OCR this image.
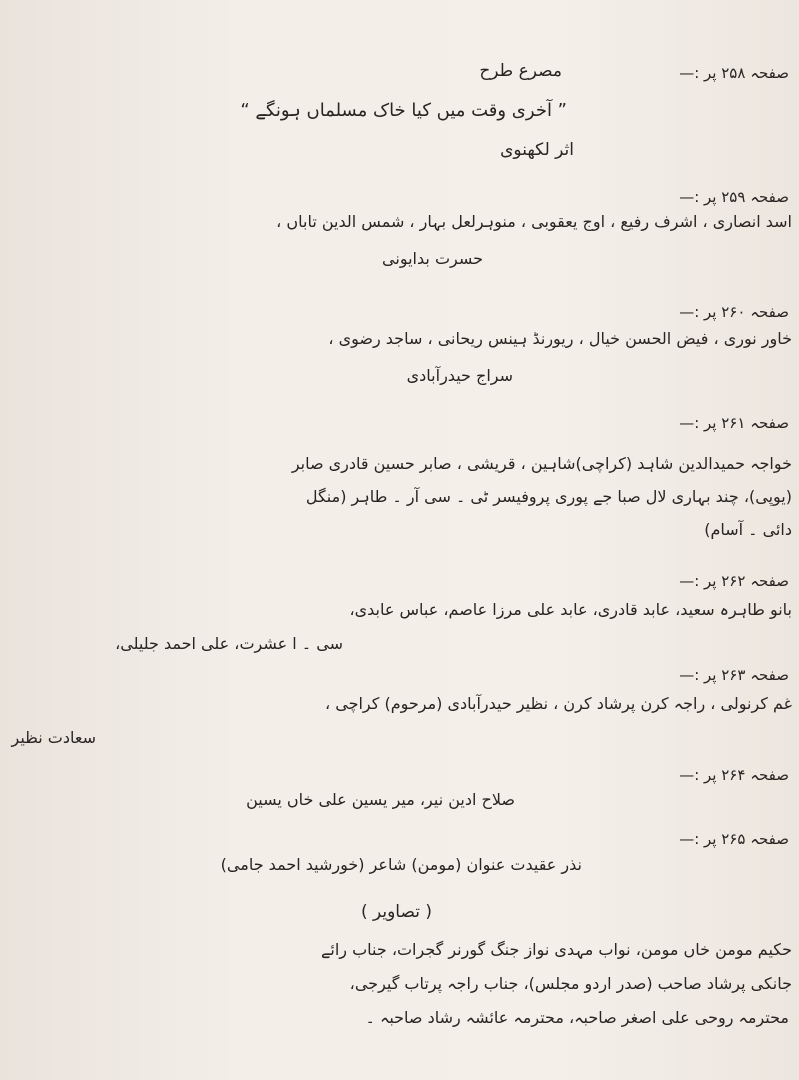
صفحہ ۲۵۸ پر :—
مصرع طرح
” آخری وقت میں کیا خاک مسلماں ہونگے “
اثر لکھنوی
صفحہ ۲۵۹ پر :—
اسد انصاری ، اشرف رفیع ، اوج یعقوبی ، منوہرلعل بہار ، شمس الدین تاباں ،
حسرت بدایونی
صفحہ ۲۶۰ پر :—
خاور نوری ، فیض الحسن خیال ، ریورنڈ ہینس ریحانی ، ساجد رضوی ،
سراج حیدرآبادی
صفحہ ۲۶۱ پر :—
خواجہ حمیدالدین شاہد (کراچی)شاہین ، قریشی ، صابر حسین قادری صابر
(یوپی)، چند بہاری لال صبا جے پوری پروفیسر ٹی ۔ سی آر ۔ طاہر (منگل
دائی ۔ آسام)
صفحہ ۲۶۲ پر :—
بانو طاہرہ سعید، عابد قادری، عابد علی مرزا عاصم، عباس عابدی،
سی ۔ ا عشرت، علی احمد جلیلی،
صفحہ ۲۶۳ پر :—
غم کرنولی ، راجہ کرن پرشاد کرن ، نظیر حیدرآبادی (مرحوم) کراچی ،
سعادت نظیر
صفحہ ۲۶۴ پر :—
صلاح ادین نیر، میر یسین علی خاں یسین
صفحہ ۲۶۵ پر :—
نذر عقیدت عنوان (مومن) شاعر (خورشید احمد جامی)
( تصاویر )
حکیم مومن خاں مومن، نواب مہدی نواز جنگ گورنر گجرات، جناب رائے
جانکی پرشاد صاحب (صدر اردو مجلس)، جناب راجہ پرتاب گیرجی،
محترمہ روحی علی اصغر صاحبہ، محترمہ عائشہ رشاد صاحبہ ۔
